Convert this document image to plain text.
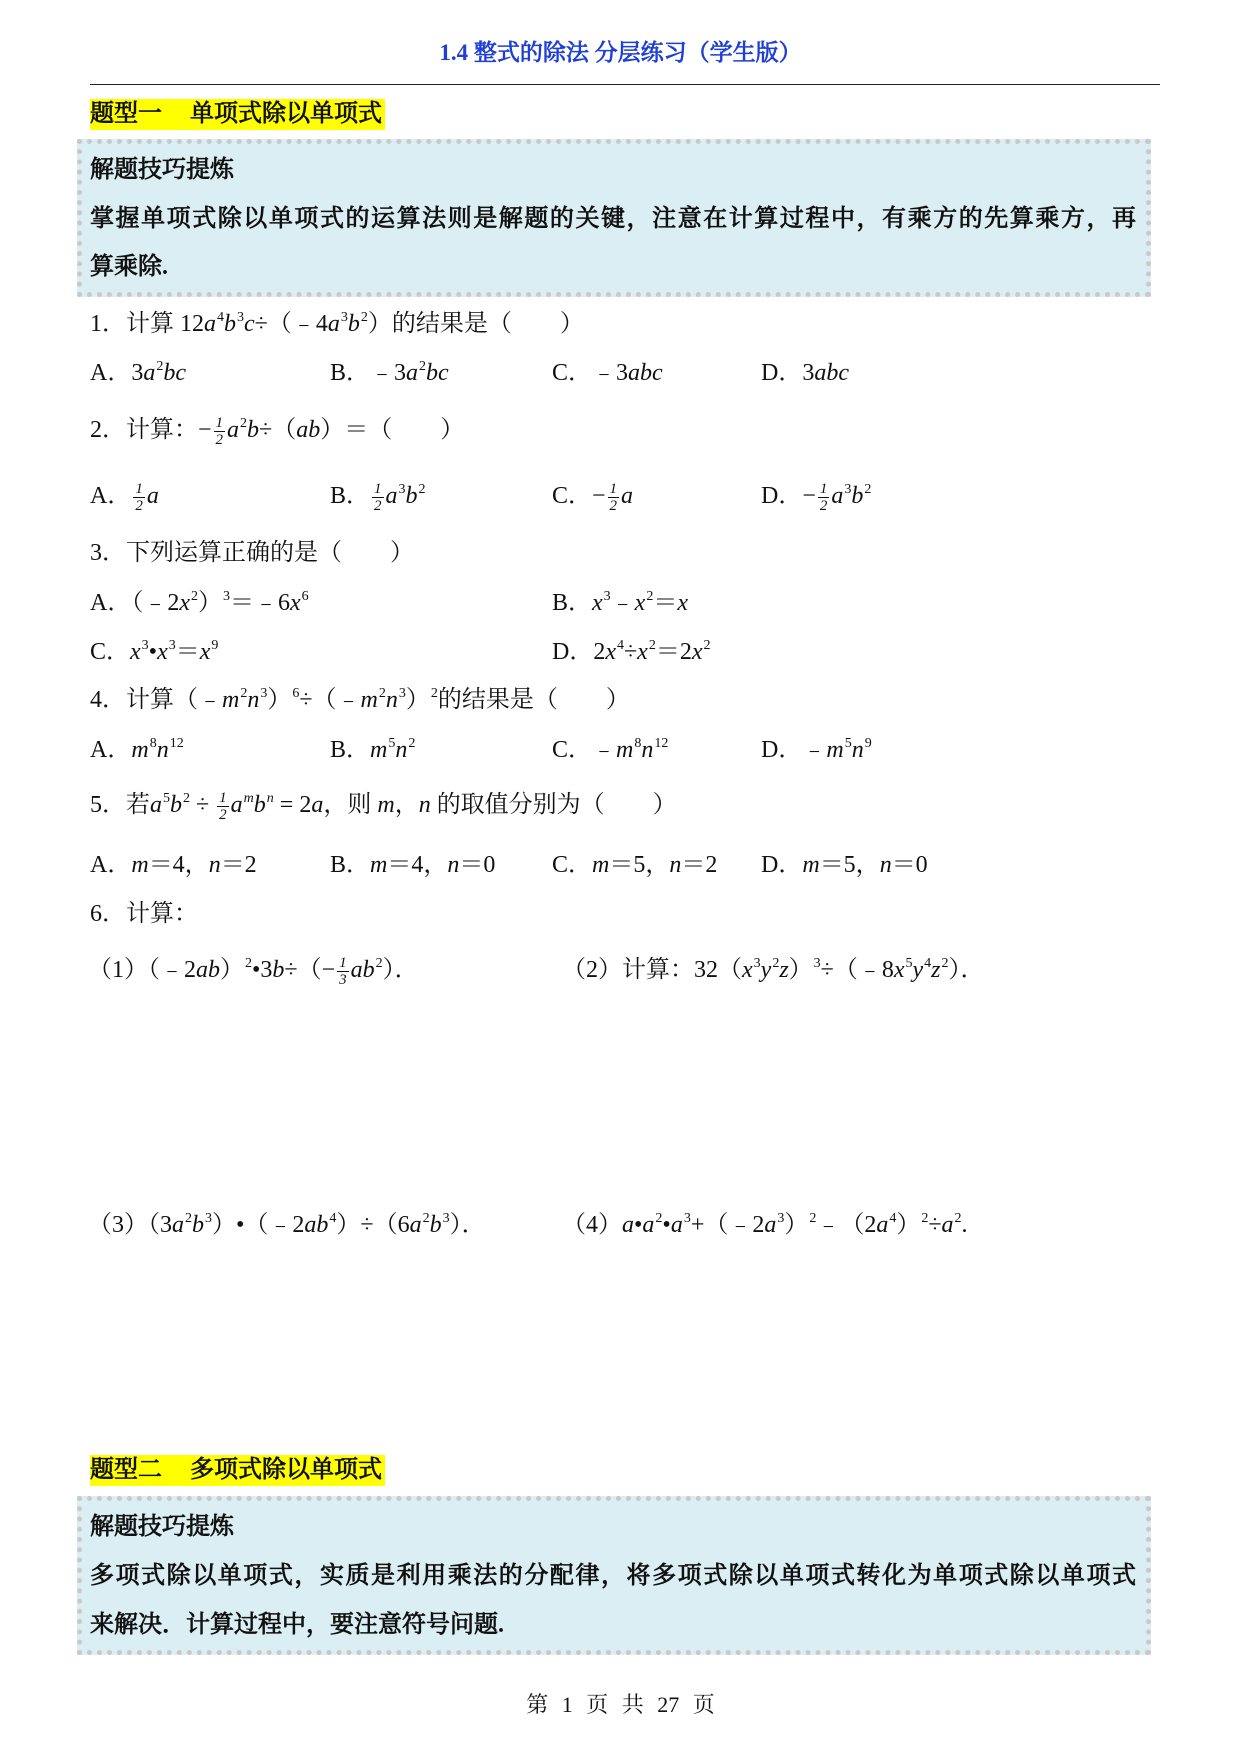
1.4 整式的除法 分层练习（学生版）
题型一 单项式除以单项式
解题技巧提炼
掌握单项式除以单项式的运算法则是解题的关键，注意在计算过程中，有乘方的先算乘方，再
算乘除.
1．计算 $12a^4b^3c\div(﹣4a^3b^2)$的结果是（　　）
A．$3a^2bc$	B．$﹣3a^2bc$	C．﹣3abc	D．3abc
2．计算：− $\frac{1}{2} a^2b\div(ab)=$（　　）
A． $\frac{1}{2}$ a	B． $\frac{1}{2} a^3b^2$	C．− $\frac{1}{2}$ a	D．− $\frac{1}{2} a^3b^2$
3．下列运算正确的是（　　）
A．$(﹣2x^2)^3=﹣6x^6$	B．$x^3﹣x^2=x$
C．$x^3•x^3=x^9$	D．$2x^4\div x^2=2x^2$
4．计算$(﹣m^2n^3)^6\div(﹣m^2n^3)^2$的结果是（　　）
A．$m^8n^{12}$	B．$m^5n^2$	C．$﹣m^8n^{12}$	D．$﹣m^5n^9$
5．若$a^5b^2 \div \frac{1}{2} a^mb^n = 2a$，则 m，n 的取值分别为（　　）
A．m＝4，n＝2	B．m＝4，n＝0 C．m＝5，n＝2 D．m＝5，n＝0
6．计算：
（1）（﹣2ab）$^2$•3b÷（− $\frac{1}{3} ab^2$）．	（2）计算：$32(x^3y^2z)^3\div(﹣8x^5y^4z^2)$．
$(3)(3a^2b^3)•(﹣2ab^4)\div(6a^2b^3)$．	$(4)a•a^2•a^3+(﹣2a^3)^2﹣(2a^4)^2\div a^2$.
题型二 多项式除以单项式
解题技巧提炼
多项式除以单项式，实质是利用乘法的分配律，将多项式除以单项式转化为单项式除以单项式
来解决．计算过程中，要注意符号问题.
第 1 页 共 27 页
